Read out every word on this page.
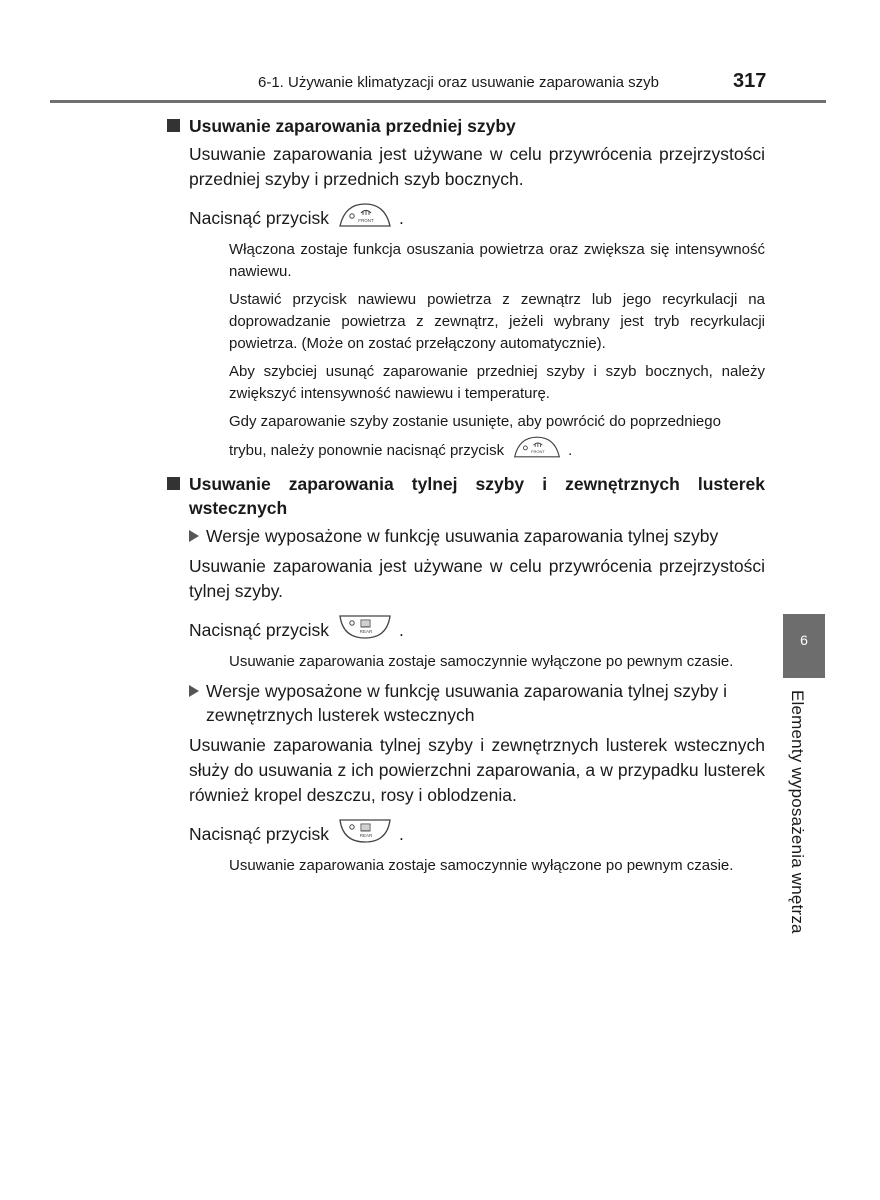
6-1. Używanie klimatyzacji oraz usuwanie zaparowania szyb	317
Usuwanie zaparowania przedniej szyby
Usuwanie zaparowania jest używane w celu przywrócenia przejrzystości przedniej szyby i przednich szyb bocznych.
Nacisnąć przycisk	FRONT .
Włączona zostaje funkcja osuszania powietrza oraz zwiększa się intensywność nawiewu.
Ustawić przycisk nawiewu powietrza z zewnątrz lub jego recyrkulacji na doprowadzanie powietrza z zewnątrz, jeżeli wybrany jest tryb recyrkulacji powietrza. (Może on zostać przełączony automatycznie).
Aby szybciej usunąć zaparowanie przedniej szyby i szyb bocznych, należy zwiększyć intensywność nawiewu i temperaturę.
Gdy zaparowanie szyby zostanie usunięte, aby powrócić do poprzedniego
trybu, należy ponownie nacisnąć przycisk	FRONT .
Usuwanie zaparowania tylnej szyby i zewnętrznych lusterek wstecznych
Wersje wyposażone w funkcję usuwania zaparowania tylnej szyby
Usuwanie zaparowania jest używane w celu przywrócenia przejrzystości tylnej szyby.
Nacisnąć przycisk	REAR .
Usuwanie zaparowania zostaje samoczynnie wyłączone po pewnym czasie.
Wersje wyposażone w funkcję usuwania zaparowania tylnej szyby i zewnętrznych lusterek wstecznych
Usuwanie zaparowania tylnej szyby i zewnętrznych lusterek wstecznych służy do usuwania z ich powierzchni zaparowania, a w przypadku lusterek również kropel deszczu, rosy i oblodzenia.
Nacisnąć przycisk	REAR .
Usuwanie zaparowania zostaje samoczynnie wyłączone po pewnym czasie.
6
Elementy wyposażenia wnętrza
